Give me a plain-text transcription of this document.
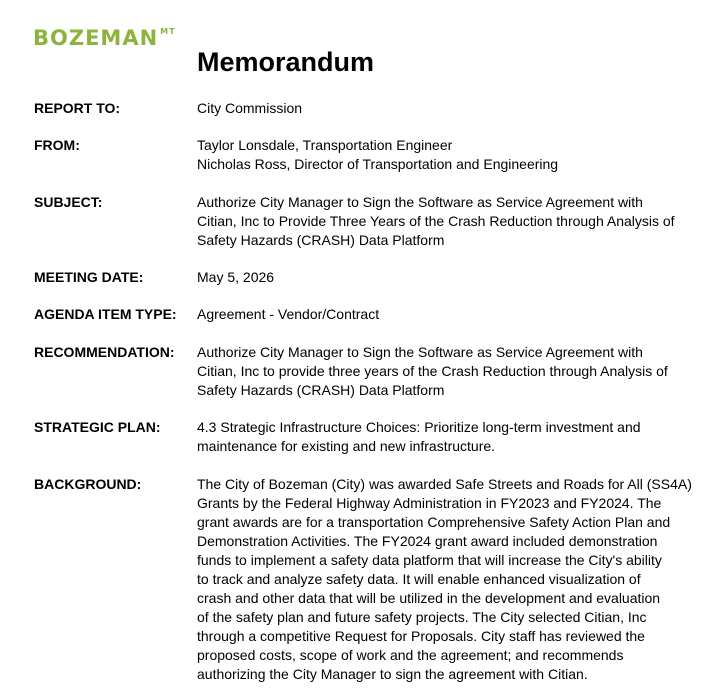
BOZEMAN MT
Memorandum
REPORT TO:	City Commission
FROM:	Taylor Lonsdale, Transportation Engineer
Nicholas Ross, Director of Transportation and Engineering
SUBJECT:	Authorize City Manager to Sign the Software as Service Agreement with
Citian, Inc to Provide Three Years of the Crash Reduction through Analysis of
Safety Hazards (CRASH) Data Platform
MEETING DATE:	May 5, 2026
AGENDA ITEM TYPE: Agreement - Vendor/Contract
RECOMMENDATION: Authorize City Manager to Sign the Software as Service Agreement with
Citian, Inc to provide three years of the Crash Reduction through Analysis of
Safety Hazards (CRASH) Data Platform
STRATEGIC PLAN:	4.3 Strategic Infrastructure Choices: Prioritize long-term investment and
maintenance for existing and new infrastructure.
BACKGROUND:	The City of Bozeman (City) was awarded Safe Streets and Roads for All (SS4A)
Grants by the Federal Highway Administration in FY2023 and FY2024. The
grant awards are for a transportation Comprehensive Safety Action Plan and
Demonstration Activities. The FY2024 grant award included demonstration
funds to implement a safety data platform that will increase the City's ability
to track and analyze safety data. It will enable enhanced visualization of
crash and other data that will be utilized in the development and evaluation
of the safety plan and future safety projects. The City selected Citian, Inc
through a competitive Request for Proposals. City staff has reviewed the
proposed costs, scope of work and the agreement; and recommends
authorizing the City Manager to sign the agreement with Citian.
